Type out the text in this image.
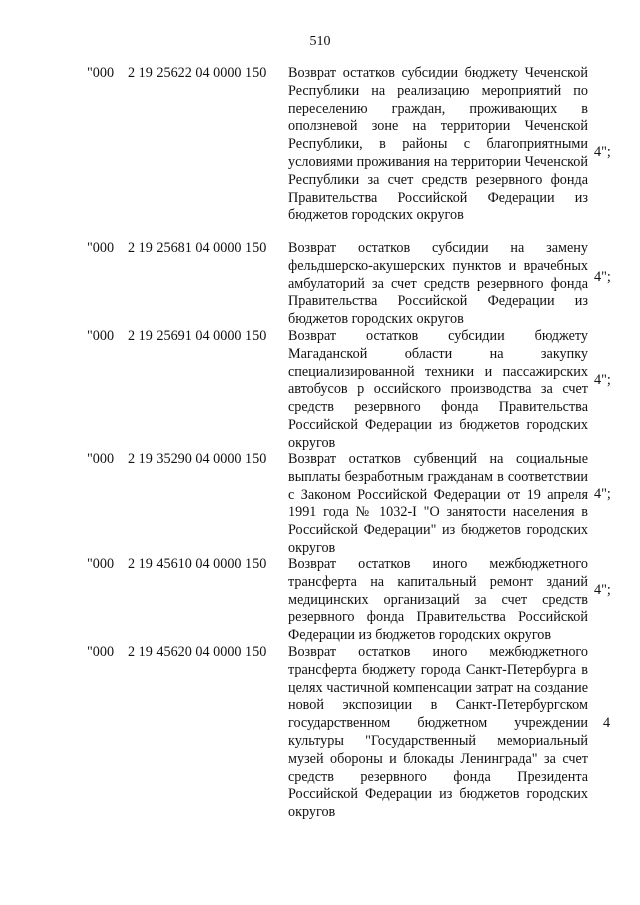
510
"000 2 19 25622 04 0000 150 Возврат остатков субсидии бюджету Чеченской Республики на реализацию мероприятий по переселению граждан, проживающих в оползневой зоне на территории Чеченской Республики, в районы с благоприятными условиями проживания на территории Чеченской Республики за счет средств резервного фонда Правительства Российской Федерации из бюджетов городских округов
4";
"000 2 19 25681 04 0000 150 Возврат остатков субсидии на замену фельдшерско-акушерских пунктов и врачебных амбулаторий за счет средств резервного фонда Правительства Российской Федерации из бюджетов городских округов
4";
"000 2 19 25691 04 0000 150 Возврат остатков субсидии бюджету Магаданской области на закупку специализированной техники и пассажирских автобусов р оссийского производства за счет средств резервного фонда Правительства Российской Федерации из бюджетов городских округов
4";
"000 2 19 35290 04 0000 150 Возврат остатков субвенций на социальные выплаты безработным гражданам в соответствии с Законом Российской Федерации от 19 апреля 1991 года № 1032-I "О занятости населения в Российской Федерации" из бюджетов городских округов
4";
"000 2 19 45610 04 0000 150 Возврат остатков иного межбюджетного трансферта на капитальный ремонт зданий медицинских организаций за счет средств резервного фонда Правительства Российской Федерации из бюджетов городских округов
4";
"000 2 19 45620 04 0000 150 Возврат остатков иного межбюджетного трансферта бюджету города Санкт-Петербурга в целях частичной компенсации затрат на создание новой экспозиции в Санкт-Петербургском государственном бюджетном учреждении культуры "Государственный мемориальный музей обороны и блокады Ленинграда" за счет средств резервного фонда Президента Российской Федерации из бюджетов городских округов
4
